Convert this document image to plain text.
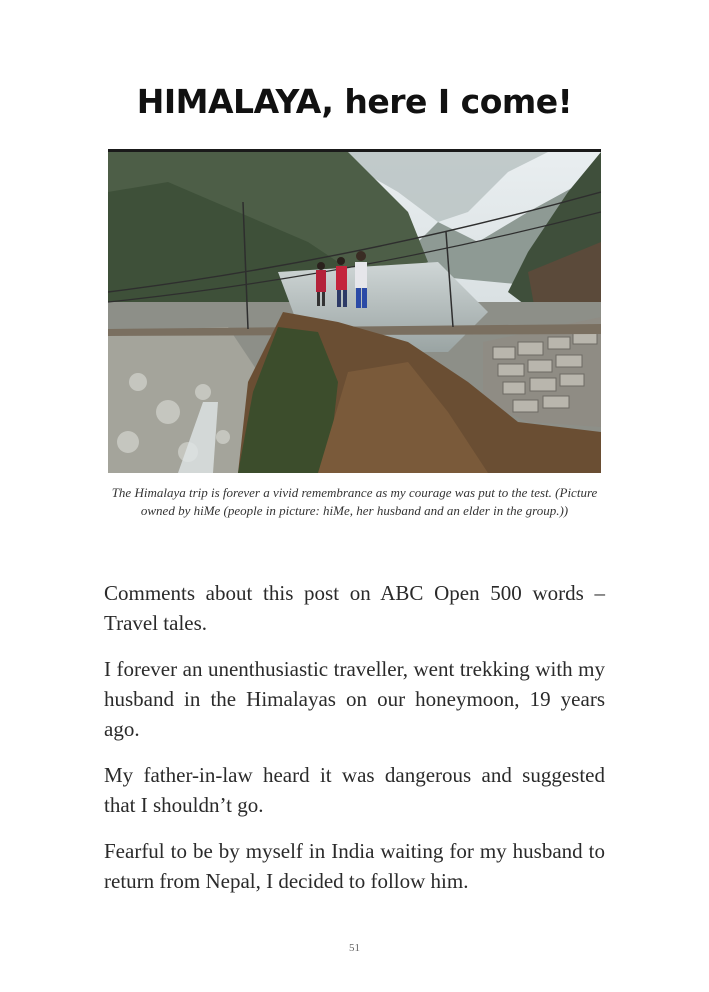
HIMALAYA, here I come!
The Himalaya trip is forever a vivid remembrance as my courage was put to the test. (Picture owned by hiMe (people in picture: hiMe, her husband and an elder in the group.))

Comments about this post on ABC Open 500 words – Travel tales.

I forever an unenthusiastic traveller, went trekking with my husband in the Himalayas on our honeymoon, 19 years ago.

My father-in-law heard it was dangerous and suggested that I shouldn’t go.

Fearful to be by myself in India waiting for my husband to return from Nepal, I decided to follow him.

51
